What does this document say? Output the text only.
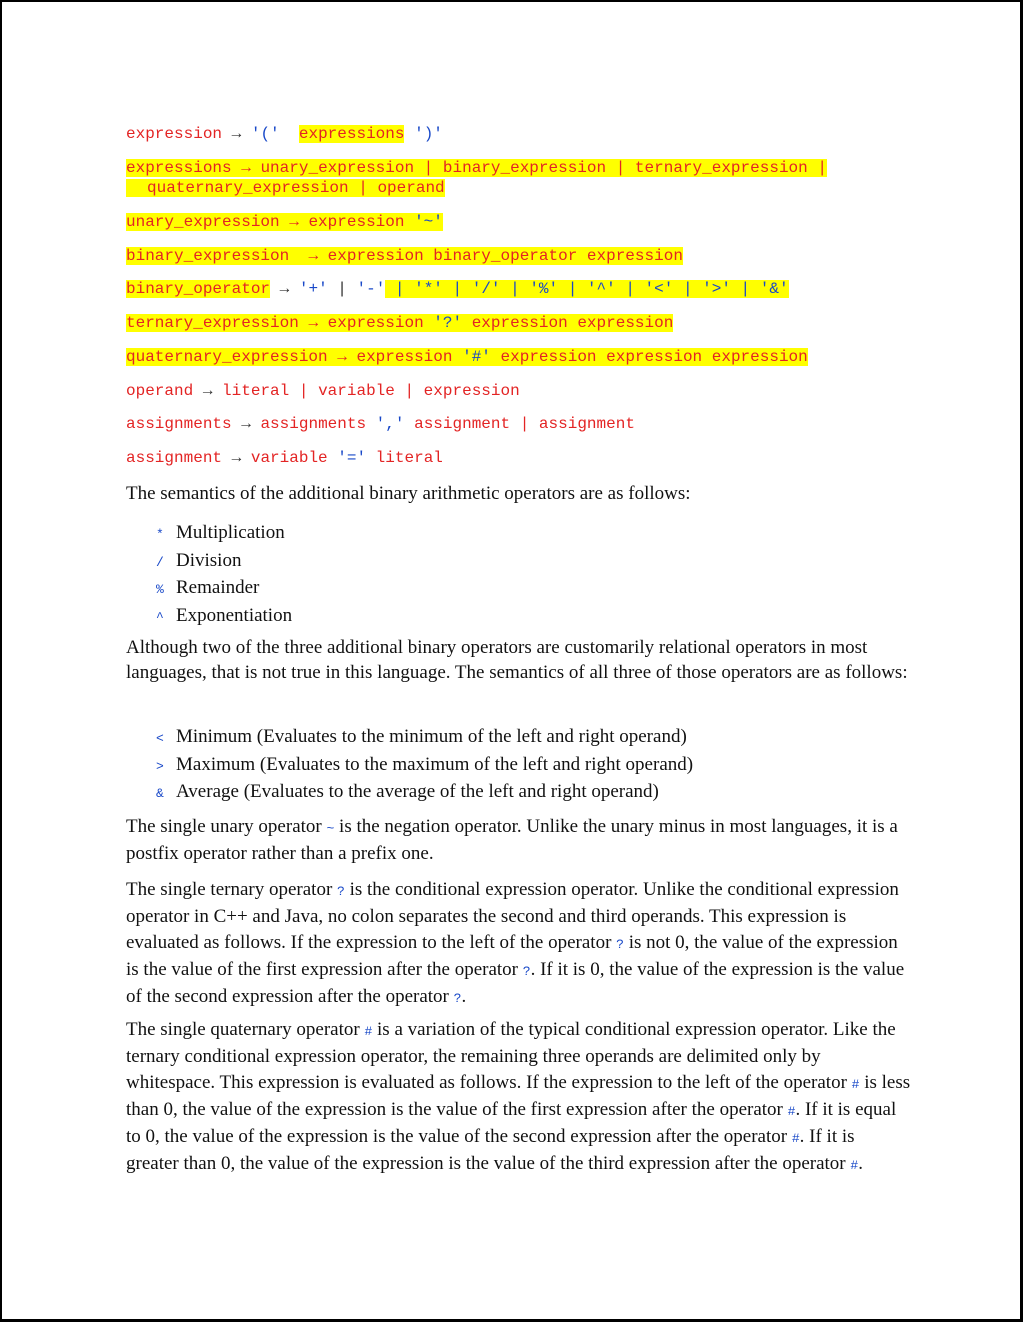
expression → '(' expressions ')'

expressions → unary_expression | binary_expression | ternary_expression |

quaternary_expression | operand

unary_expression → expression '~'

binary_expression  → expression binary_operator expression

binary_operator → '+' | '-' | '*' | '/' | '%' | '^' | '<' | '>' | '&'

ternary_expression → expression '?' expression expression

quaternary_expression → expression '#' expression expression expression

operand → literal | variable | expression

assignments → assignments ',' assignment | assignment

assignment → variable '=' literal

The semantics of the additional binary arithmetic operators are as follows:

* Multiplication
/ Division
% Remainder
^ Exponentiation

Although two of the three additional binary operators are customarily relational operators in most languages, that is not true in this language. The semantics of all three of those operators are as follows:

< Minimum (Evaluates to the minimum of the left and right operand)
> Maximum (Evaluates to the maximum of the left and right operand)
& Average (Evaluates to the average of the left and right operand)

The single unary operator ~ is the negation operator. Unlike the unary minus in most languages, it is a postfix operator rather than a prefix one.

The single ternary operator ? is the conditional expression operator. Unlike the conditional expression operator in C++ and Java, no colon separates the second and third operands. This expression is evaluated as follows. If the expression to the left of the operator ? is not 0, the value of the expression is the value of the first expression after the operator ?. If it is 0, the value of the expression is the value of the second expression after the operator ?.

The single quaternary operator # is a variation of the typical conditional expression operator. Like the ternary conditional expression operator, the remaining three operands are delimited only by whitespace. This expression is evaluated as follows. If the expression to the left of the operator # is less than 0, the value of the expression is the value of the first expression after the operator #. If it is equal to 0, the value of the expression is the value of the second expression after the operator #. If it is greater than 0, the value of the expression is the value of the third expression after the operator #.
